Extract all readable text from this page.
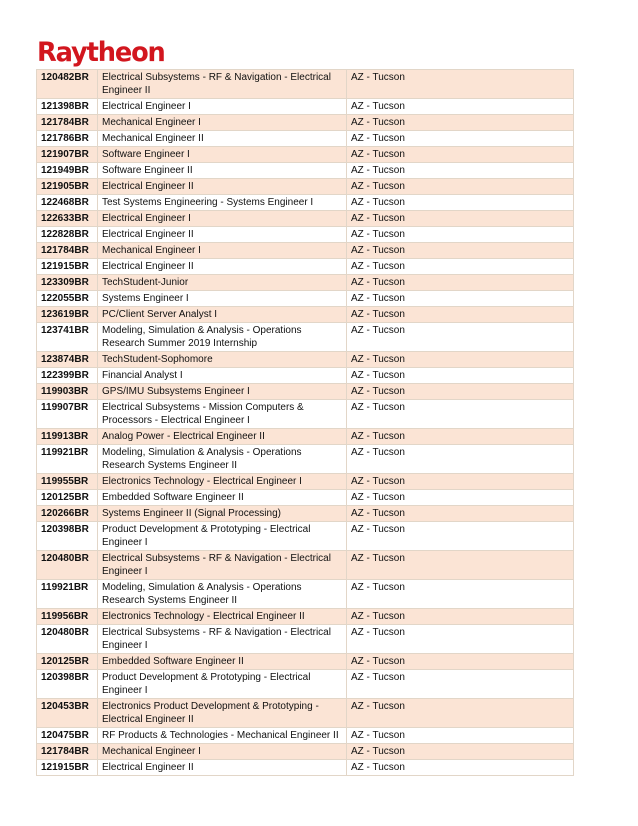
Raytheon
120482BR	Electrical Subsystems - RF & Navigation - Electrical Engineer II	AZ - Tucson
121398BR	Electrical Engineer I	AZ - Tucson
121784BR	Mechanical Engineer I	AZ - Tucson
121786BR	Mechanical Engineer II	AZ - Tucson
121907BR	Software Engineer I	AZ - Tucson
121949BR	Software Engineer II	AZ - Tucson
121905BR	Electrical Engineer II	AZ - Tucson
122468BR	Test Systems Engineering - Systems Engineer I	AZ - Tucson
122633BR	Electrical Engineer I	AZ - Tucson
122828BR	Electrical Engineer II	AZ - Tucson
121784BR	Mechanical Engineer I	AZ - Tucson
121915BR	Electrical Engineer II	AZ - Tucson
123309BR	TechStudent-Junior	AZ - Tucson
122055BR	Systems Engineer I	AZ - Tucson
123619BR	PC/Client Server Analyst I	AZ - Tucson
123741BR	Modeling, Simulation & Analysis - Operations Research Summer 2019 Internship	AZ - Tucson
123874BR	TechStudent-Sophomore	AZ - Tucson
122399BR	Financial Analyst I	AZ - Tucson
119903BR	GPS/IMU Subsystems Engineer I	AZ - Tucson
119907BR	Electrical Subsystems - Mission Computers & Processors - Electrical Engineer I	AZ - Tucson
119913BR	Analog Power - Electrical Engineer II	AZ - Tucson
119921BR	Modeling, Simulation & Analysis - Operations Research Systems Engineer II	AZ - Tucson
119955BR	Electronics Technology - Electrical Engineer I	AZ - Tucson
120125BR	Embedded Software Engineer II	AZ - Tucson
120266BR	Systems Engineer II (Signal Processing)	AZ - Tucson
120398BR	Product Development & Prototyping - Electrical Engineer I	AZ - Tucson
120480BR	Electrical Subsystems - RF & Navigation - Electrical Engineer I	AZ - Tucson
119921BR	Modeling, Simulation & Analysis - Operations Research Systems Engineer II	AZ - Tucson
119956BR	Electronics Technology - Electrical Engineer II	AZ - Tucson
120480BR	Electrical Subsystems - RF & Navigation - Electrical Engineer I	AZ - Tucson
120125BR	Embedded Software Engineer II	AZ - Tucson
120398BR	Product Development & Prototyping - Electrical Engineer I	AZ - Tucson
120453BR	Electronics Product Development & Prototyping - Electrical Engineer II	AZ - Tucson
120475BR	RF Products & Technologies - Mechanical Engineer II	AZ - Tucson
121784BR	Mechanical Engineer I	AZ - Tucson
121915BR	Electrical Engineer II	AZ - Tucson
